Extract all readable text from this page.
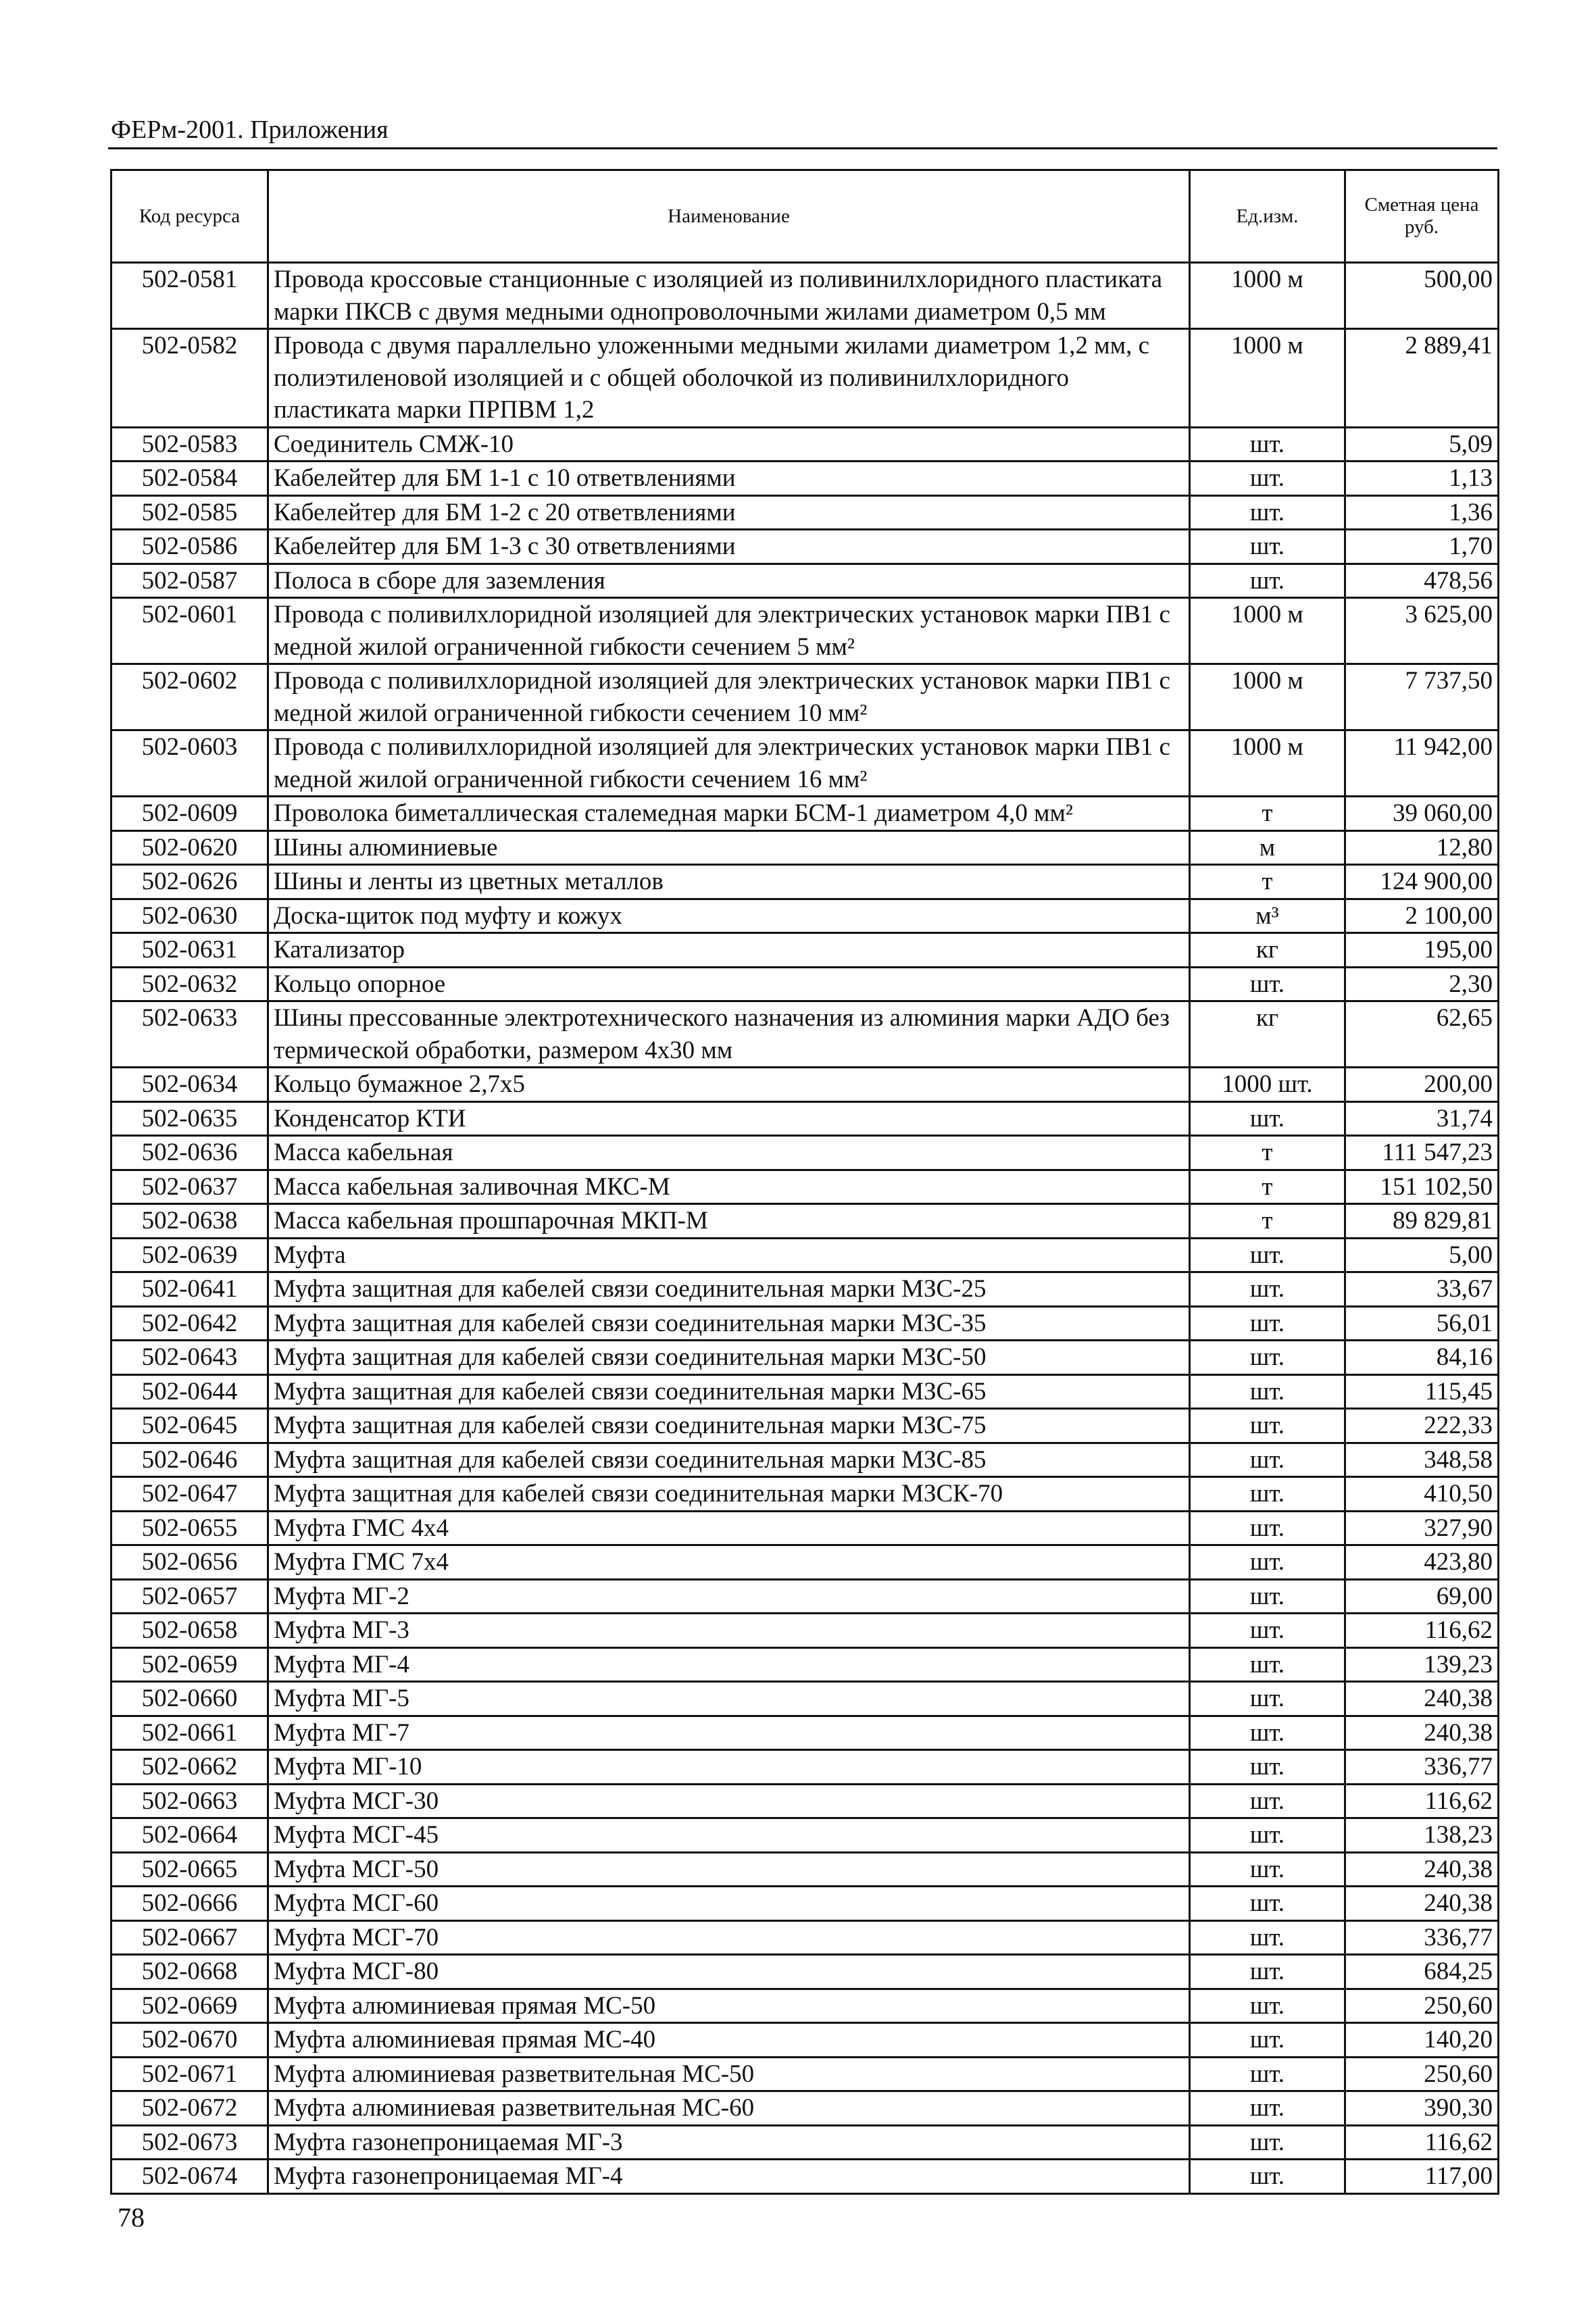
ФЕРм-2001. Приложения
Код ресурса	Наименование	Ед.изм.	Сметная цена руб.
502-0581	Провода кроссовые станционные с изоляцией из поливинилхлоридного пластиката марки ПКСВ с двумя медными однопроволочными жилами диаметром 0,5 мм	1000 м	500,00
502-0582	Провода с двумя параллельно уложенными медными жилами диаметром 1,2 мм, с полиэтиленовой изоляцией и с общей оболочкой из поливинилхлоридного пластиката марки ПРПВМ 1,2	1000 м	2 889,41
502-0583	Соединитель СМЖ-10	шт.	5,09
502-0584	Кабелейтер для БМ 1-1 с 10 ответвлениями	шт.	1,13
502-0585	Кабелейтер для БМ 1-2 с 20 ответвлениями	шт.	1,36
502-0586	Кабелейтер для БМ 1-3 с 30 ответвлениями	шт.	1,70
502-0587	Полоса в сборе для заземления	шт.	478,56
502-0601	Провода с поливилхлоридной изоляцией для электрических установок марки ПВ1 с медной жилой ограниченной гибкости сечением 5 мм²	1000 м	3 625,00
502-0602	Провода с поливилхлоридной изоляцией для электрических установок марки ПВ1 с медной жилой ограниченной гибкости сечением 10 мм²	1000 м	7 737,50
502-0603	Провода с поливилхлоридной изоляцией для электрических установок марки ПВ1 с медной жилой ограниченной гибкости сечением 16 мм²	1000 м	11 942,00
502-0609	Проволока биметаллическая сталемедная марки БСМ-1 диаметром 4,0 мм²	т	39 060,00
502-0620	Шины алюминиевые	м	12,80
502-0626	Шины и ленты из цветных металлов	т	124 900,00
502-0630	Доска-щиток под муфту и кожух	м³	2 100,00
502-0631	Катализатор	кг	195,00
502-0632	Кольцо опорное	шт.	2,30
502-0633	Шины прессованные электротехнического назначения из алюминия марки АДО без термической обработки, размером 4х30 мм	кг	62,65
502-0634	Кольцо бумажное 2,7х5	1000 шт.	200,00
502-0635	Конденсатор КТИ	шт.	31,74
502-0636	Масса кабельная	т	111 547,23
502-0637	Масса кабельная заливочная МКС-М	т	151 102,50
502-0638	Масса кабельная прошпарочная МКП-М	т	89 829,81
502-0639	Муфта	шт.	5,00
502-0641	Муфта защитная для кабелей связи соединительная марки МЗС-25	шт.	33,67
502-0642	Муфта защитная для кабелей связи соединительная марки МЗС-35	шт.	56,01
502-0643	Муфта защитная для кабелей связи соединительная марки МЗС-50	шт.	84,16
502-0644	Муфта защитная для кабелей связи соединительная марки МЗС-65	шт.	115,45
502-0645	Муфта защитная для кабелей связи соединительная марки МЗС-75	шт.	222,33
502-0646	Муфта защитная для кабелей связи соединительная марки МЗС-85	шт.	348,58
502-0647	Муфта защитная для кабелей связи соединительная марки МЗСК-70	шт.	410,50
502-0655	Муфта ГМС 4х4	шт.	327,90
502-0656	Муфта ГМС 7х4	шт.	423,80
502-0657	Муфта МГ-2	шт.	69,00
502-0658	Муфта МГ-3	шт.	116,62
502-0659	Муфта МГ-4	шт.	139,23
502-0660	Муфта МГ-5	шт.	240,38
502-0661	Муфта МГ-7	шт.	240,38
502-0662	Муфта МГ-10	шт.	336,77
502-0663	Муфта МСГ-30	шт.	116,62
502-0664	Муфта МСГ-45	шт.	138,23
502-0665	Муфта МСГ-50	шт.	240,38
502-0666	Муфта МСГ-60	шт.	240,38
502-0667	Муфта МСГ-70	шт.	336,77
502-0668	Муфта МСГ-80	шт.	684,25
502-0669	Муфта алюминиевая прямая МС-50	шт.	250,60
502-0670	Муфта алюминиевая прямая МС-40	шт.	140,20
502-0671	Муфта алюминиевая разветвительная МС-50	шт.	250,60
502-0672	Муфта алюминиевая разветвительная МС-60	шт.	390,30
502-0673	Муфта газонепроницаемая МГ-3	шт.	116,62
502-0674	Муфта газонепроницаемая МГ-4	шт.	117,00
78
